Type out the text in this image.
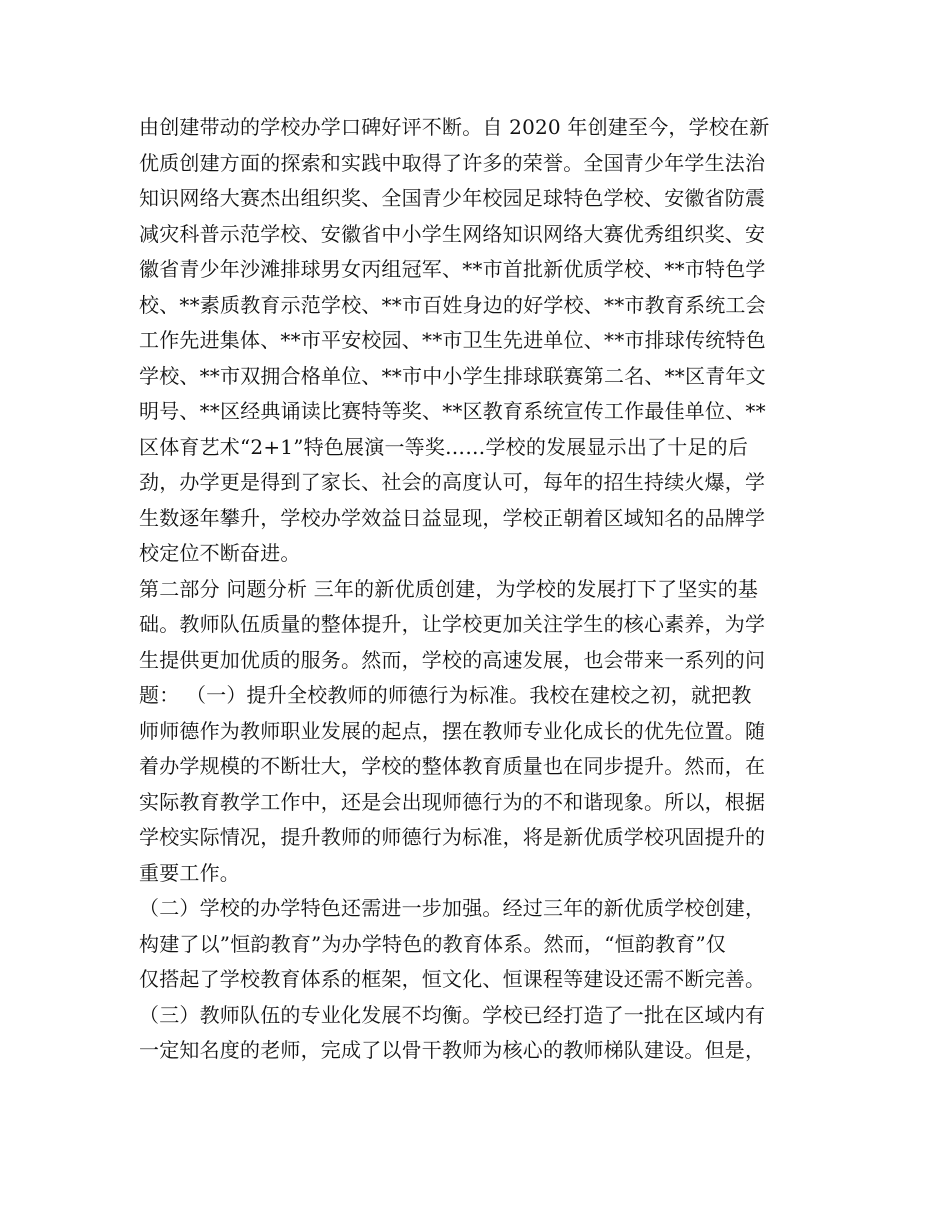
由创建带动的学校办学口碑好评不断。自 2020 年创建至今，学校在新
优质创建方面的探索和实践中取得了许多的荣誉。全国青少年学生法治
知识网络大赛杰出组织奖、全国青少年校园足球特色学校、安徽省防震
减灾科普示范学校、安徽省中小学生网络知识网络大赛优秀组织奖、安
徽省青少年沙滩排球男女丙组冠军、**市首批新优质学校、**市特色学
校、**素质教育示范学校、**市百姓身边的好学校、**市教育系统工会
工作先进集体、**市平安校园、**市卫生先进单位、**市排球传统特色
学校、**市双拥合格单位、**市中小学生排球联赛第二名、**区青年文
明号、**区经典诵读比赛特等奖、**区教育系统宣传工作最佳单位、**
区体育艺术“2+1”特色展演一等奖……学校的发展显示出了十足的后
劲，办学更是得到了家长、社会的高度认可，每年的招生持续火爆，学
生数逐年攀升，学校办学效益日益显现，学校正朝着区域知名的品牌学
校定位不断奋进。
第二部分 问题分析 三年的新优质创建，为学校的发展打下了坚实的基
础。教师队伍质量的整体提升，让学校更加关注学生的核心素养，为学
生提供更加优质的服务。然而，学校的高速发展，也会带来一系列的问
题： （一）提升全校教师的师德行为标准。我校在建校之初，就把教
师师德作为教师职业发展的起点，摆在教师专业化成长的优先位置。随
着办学规模的不断壮大，学校的整体教育质量也在同步提升。然而，在
实际教育教学工作中，还是会出现师德行为的不和谐现象。所以，根据
学校实际情况，提升教师的师德行为标准，将是新优质学校巩固提升的
重要工作。
（二）学校的办学特色还需进一步加强。经过三年的新优质学校创建，
构建了以”恒韵教育”为办学特色的教育体系。然而，“恒韵教育”仅
仅搭起了学校教育体系的框架，恒文化、恒课程等建设还需不断完善。
（三）教师队伍的专业化发展不均衡。学校已经打造了一批在区域内有
一定知名度的老师，完成了以骨干教师为核心的教师梯队建设。但是，
